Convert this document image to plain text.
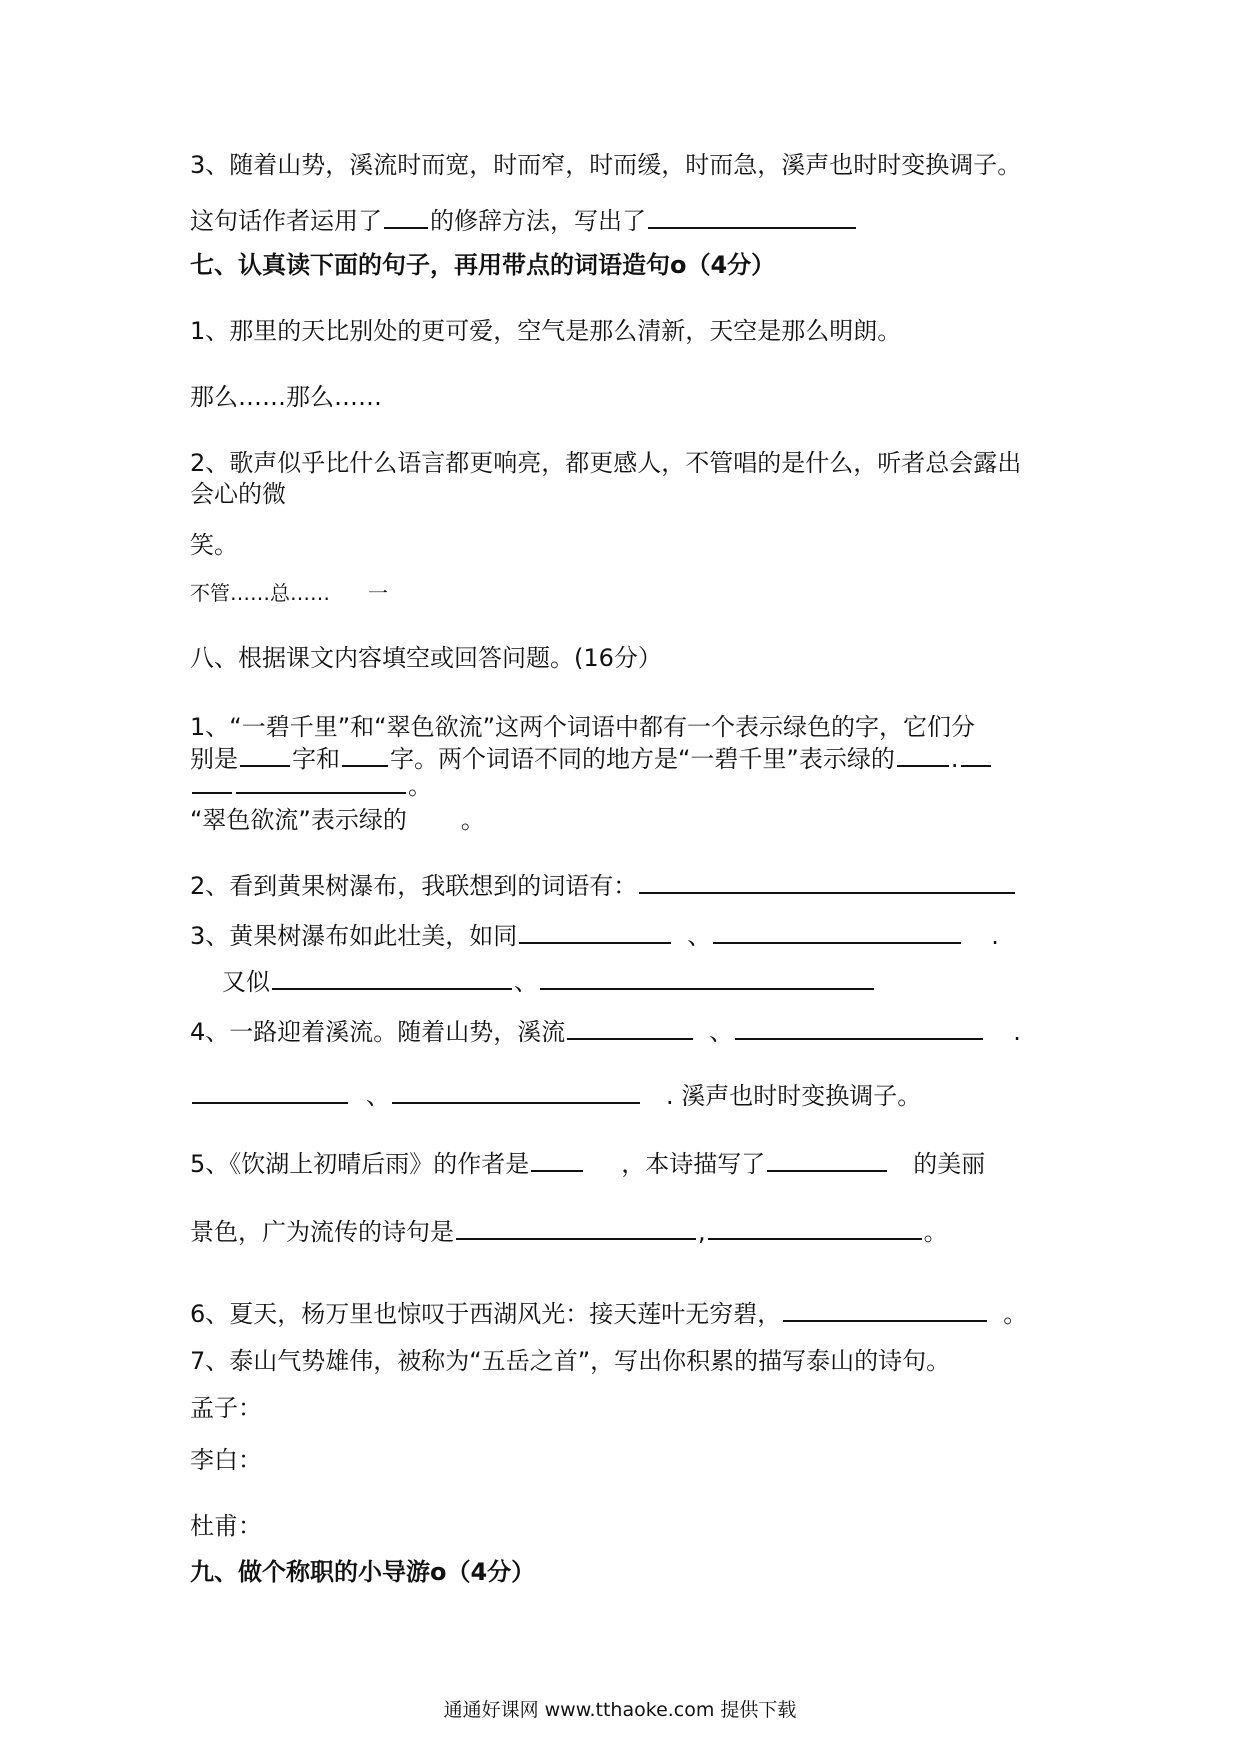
3、随着山势，溪流时而宽，时而窄，时而缓，时而急，溪声也时时变换调子。
这句话作者运用了 的修辞方法，写出了
七、认真读下面的句子，再用带点的词语造句o（4分）
1、那里的天比别处的更可爱，空气是那么清新，天空是那么明朗。
那么……那么……
2、歌声似乎比什么语言都更响亮，都更感人，不管唱的是什么，听者总会露出
会心的微
笑。
不管……总…… 一
八、根据课文内容填空或回答问题。(16分）
1、“一碧千里”和“翠色欲流”这两个词语中都有一个表示绿色的字，它们分
别是 字和 字。两个词语不同的地方是“一碧千里”表示绿的 .
。
“翠色欲流”表示绿的 。
2、看到黄果树瀑布，我联想到的词语有：
3、黄果树瀑布如此壮美，如同	、	.
又似	、
4、一路迎着溪流。随着山势，溪流	、	.
、	. 溪声也时时变换调子。
5、《饮湖上初晴后雨》的作者是	，本诗描写了	的美丽
景色，广为流传的诗句是	,	。
6、夏天，杨万里也惊叹于西湖风光：接天莲叶无穷碧，	。
7、泰山气势雄伟，被称为“五岳之首”，写出你积累的描写泰山的诗句。
孟子：
李白：
杜甫：
九、做个称职的小导游o（4分）
通通好课网 www.tthaoke.com 提供下载
